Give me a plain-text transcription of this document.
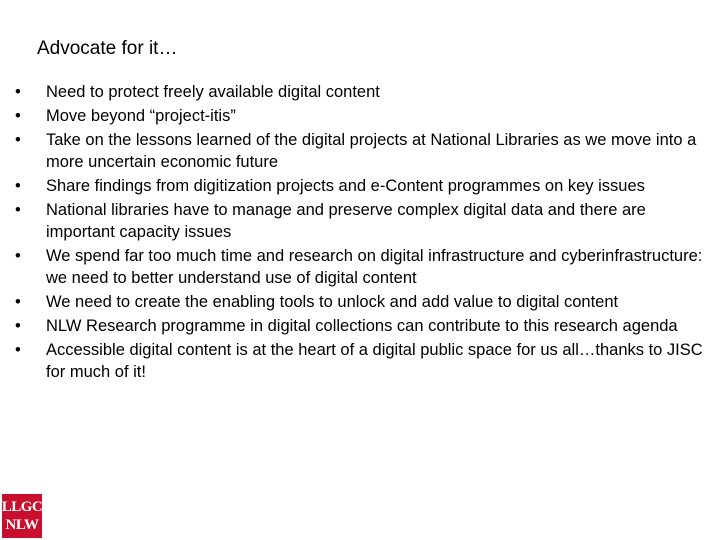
Advocate for it…
• Need to protect freely available digital content
• Move beyond “project-itis”
• Take on the lessons learned of the digital projects at National Libraries as we move into a more uncertain economic future
• Share findings from digitization projects and e-Content programmes on key issues
• National libraries have to manage and preserve complex digital data and there are important capacity issues
• We spend far too much time and research on digital infrastructure and cyberinfrastructure: we need to better understand use of digital content
• We need to create the enabling tools to unlock and add value to digital content
• NLW Research programme in digital collections can contribute to this research agenda
• Accessible digital content is at the heart of a digital public space for us all…thanks to JISC for much of it!
LLGC
NLW
